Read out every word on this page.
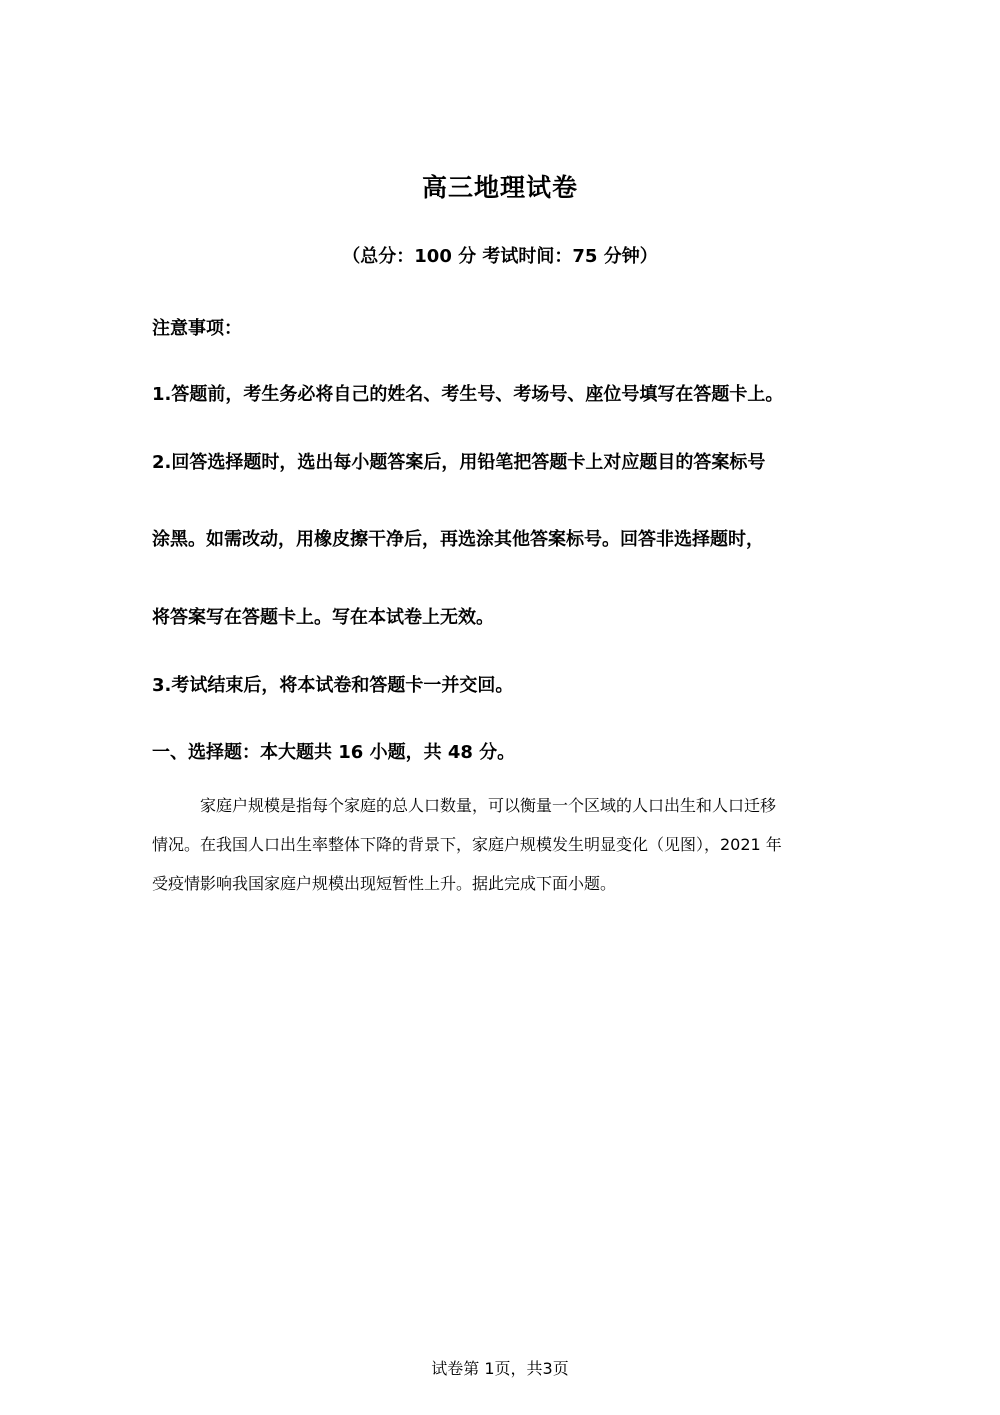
高三地理试卷
（总分：100 分 考试时间：75 分钟）
注意事项：
1.答题前，考生务必将自己的姓名、考生号、考场号、座位号填写在答题卡上。
2.回答选择题时，选出每小题答案后，用铅笔把答题卡上对应题目的答案标号
涂黑。如需改动，用橡皮擦干净后，再选涂其他答案标号。回答非选择题时，
将答案写在答题卡上。写在本试卷上无效。
3.考试结束后，将本试卷和答题卡一并交回。
一、选择题：本大题共 16 小题，共 48 分。
家庭户规模是指每个家庭的总人口数量，可以衡量一个区域的人口出生和人口迁移
情况。在我国人口出生率整体下降的背景下，家庭户规模发生明显变化（见图），2021 年
受疫情影响我国家庭户规模出现短暂性上升。据此完成下面小题。
试卷第 1页，共3页
